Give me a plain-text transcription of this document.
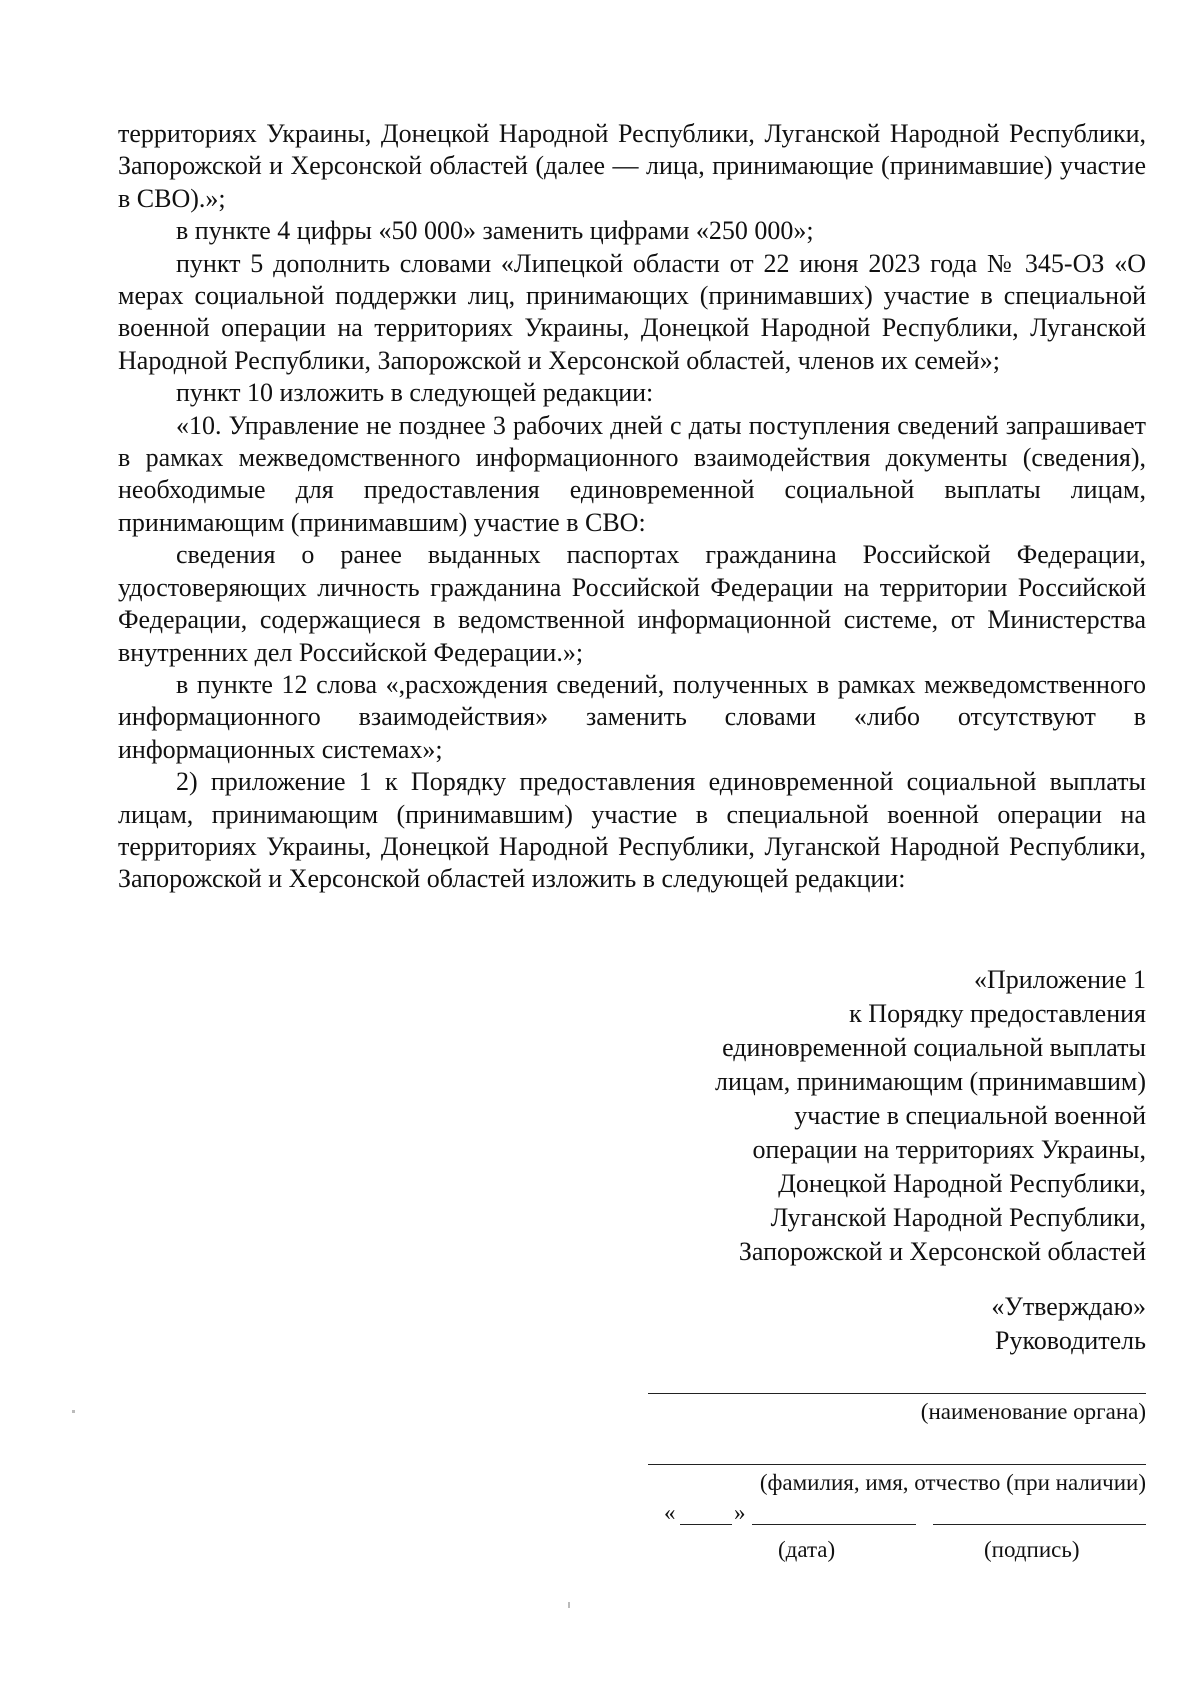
территориях Украины, Донецкой Народной Республики, Луганской Народной Республики, Запорожской и Херсонской областей (далее — лица, принимающие (принимавшие) участие в СВО).»;

в пункте 4 цифры «50 000» заменить цифрами «250 000»;

пункт 5 дополнить словами «Липецкой области от 22 июня 2023 года № 345-ОЗ «О мерах социальной поддержки лиц, принимающих (принимавших) участие в специальной военной операции на территориях Украины, Донецкой Народной Республики, Луганской Народной Республики, Запорожской и Херсонской областей, членов их семей»;

пункт 10 изложить в следующей редакции:

«10. Управление не позднее 3 рабочих дней с даты поступления сведений запрашивает в рамках межведомственного информационного взаимодействия документы (сведения), необходимые для предоставления единовременной социальной выплаты лицам, принимающим (принимавшим) участие в СВО:

сведения о ранее выданных паспортах гражданина Российской Федерации, удостоверяющих личность гражданина Российской Федерации на территории Российской Федерации, содержащиеся в ведомственной информационной системе, от Министерства внутренних дел Российской Федерации.»;

в пункте 12 слова «,расхождения сведений, полученных в рамках межведомственного информационного взаимодействия» заменить словами «либо отсутствуют в информационных системах»;

2) приложение 1 к Порядку предоставления единовременной социальной выплаты лицам, принимающим (принимавшим) участие в специальной военной операции на территориях Украины, Донецкой Народной Республики, Луганской Народной Республики, Запорожской и Херсонской областей изложить в следующей редакции:

«Приложение 1
к Порядку предоставления
единовременной социальной выплаты
лицам, принимающим (принимавшим)
участие в специальной военной
операции на территориях Украины,
Донецкой Народной Республики,
Луганской Народной Республики,
Запорожской и Херсонской областей
«Утверждаю»
Руководитель
(наименование органа)
(фамилия, имя, отчество (при наличии)
«	»
(дата)	(подпись)
